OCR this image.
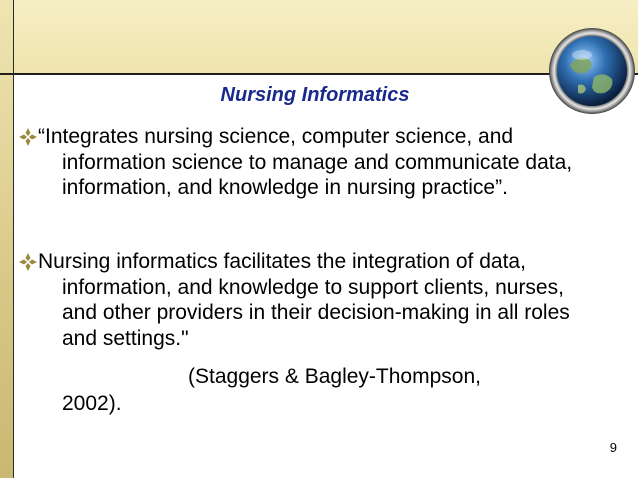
Nursing Informatics

“Integrates nursing science, computer science, and information science to manage and communicate data, information, and knowledge in nursing practice”.

Nursing informatics facilitates the integration of data, information, and knowledge to support clients, nurses, and other providers in their decision-making in all roles and settings."

(Staggers & Bagley-Thompson,
2002).
9
